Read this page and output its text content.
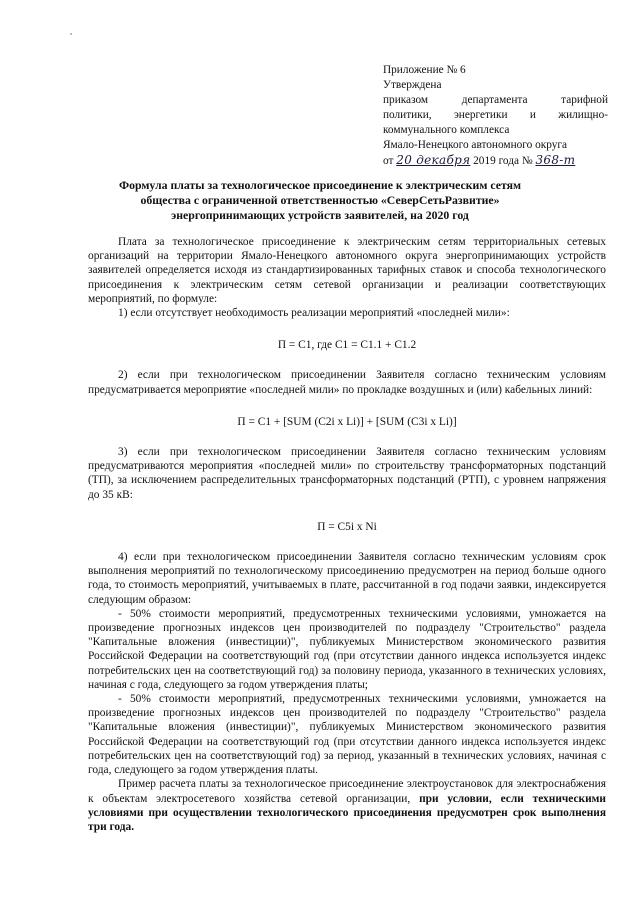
Приложение № 6
Утверждена
приказом департамента тарифной
политики, энергетики и жилищно-
коммунального комплекса
Ямало-Ненецкого автономного округа
от 20 декабря 2019 года № 368-т
Формула платы за технологическое присоединение к электрическим сетям
общества с ограниченной ответственностью «СеверСетьРазвитие»
энергопринимающих устройств заявителей, на 2020 год

Плата за технологическое присоединение к электрическим сетям территориальных сетевых организаций на территории Ямало-Ненецкого автономного округа энергопринимающих устройств заявителей определяется исходя из стандартизированных тарифных ставок и способа технологического присоединения к электрическим сетям сетевой организации и реализации соответствующих мероприятий, по формуле:

1) если отсутствует необходимость реализации мероприятий «последней мили»:

П = С1, где С1 = С1.1 + С1.2

2) если при технологическом присоединении Заявителя согласно техническим условиям предусматривается мероприятие «последней мили» по прокладке воздушных и (или) кабельных линий:

П = С1 + [SUM (С2i x Li)] + [SUM (C3i x Li)]

3) если при технологическом присоединении Заявителя согласно техническим условиям предусматриваются мероприятия «последней мили» по строительству трансформаторных подстанций (ТП), за исключением распределительных трансформаторных подстанций (РТП), с уровнем напряжения до 35 кВ:

П = С5i x Ni

4) если при технологическом присоединении Заявителя согласно техническим условиям срок выполнения мероприятий по технологическому присоединению предусмотрен на период больше одного года, то стоимость мероприятий, учитываемых в плате, рассчитанной в год подачи заявки, индексируется следующим образом:

- 50% стоимости мероприятий, предусмотренных техническими условиями, умножается на произведение прогнозных индексов цен производителей по подразделу "Строительство" раздела "Капитальные вложения (инвестиции)", публикуемых Министерством экономического развития Российской Федерации на соответствующий год (при отсутствии данного индекса используется индекс потребительских цен на соответствующий год) за половину периода, указанного в технических условиях, начиная с года, следующего за годом утверждения платы;

- 50% стоимости мероприятий, предусмотренных техническими условиями, умножается на произведение прогнозных индексов цен производителей по подразделу "Строительство" раздела "Капитальные вложения (инвестиции)", публикуемых Министерством экономического развития Российской Федерации на соответствующий год (при отсутствии данного индекса используется индекс потребительских цен на соответствующий год) за период, указанный в технических условиях, начиная с года, следующего за годом утверждения платы.

Пример расчета платы за технологическое присоединение электроустановок для электроснабжения к объектам электросетевого хозяйства сетевой организации, при условии, если техническими условиями при осуществлении технологического присоединения предусмотрен срок выполнения три года.
